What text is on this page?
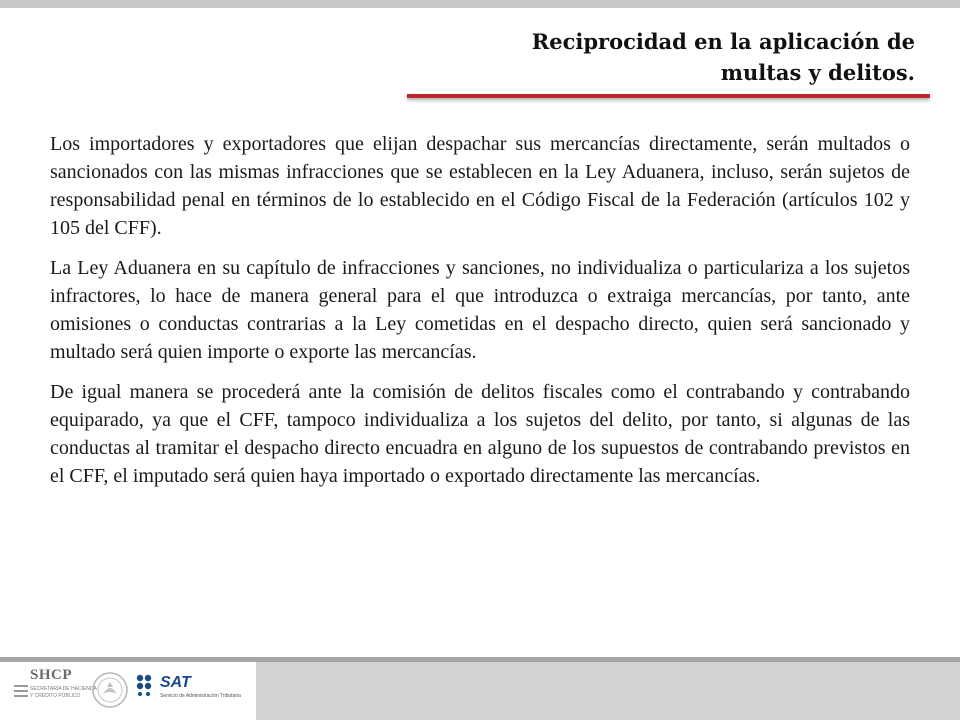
Reciprocidad en la aplicación de
multas y delitos.

Los importadores y exportadores que elijan despachar sus mercancías directamente, serán multados o sancionados con las mismas infracciones que se establecen en la Ley Aduanera, incluso, serán sujetos de responsabilidad penal en términos de lo establecido en el Código Fiscal de la Federación (artículos 102 y 105 del CFF).

La Ley Aduanera en su capítulo de infracciones y sanciones, no individualiza o particulariza a los sujetos infractores, lo hace de manera general para el que introduzca o extraiga mercancías, por tanto, ante omisiones o conductas contrarias a la Ley cometidas en el despacho directo, quien será sancionado y multado será quien importe o exporte las mercancías.

De igual manera se procederá ante la comisión de delitos fiscales como el contrabando y contrabando equiparado, ya que el CFF, tampoco individualiza a los sujetos del delito, por tanto, si algunas de las conductas al tramitar el despacho directo encuadra en alguno de los supuestos de contrabando previstos en el CFF, el imputado será quien haya importado o exportado directamente las mercancías.

SHCP

SECRETARÍA DE HACIENDA Y CRÉDITO PÚBLICO

SAT

Servicio de Administración Tributaria
